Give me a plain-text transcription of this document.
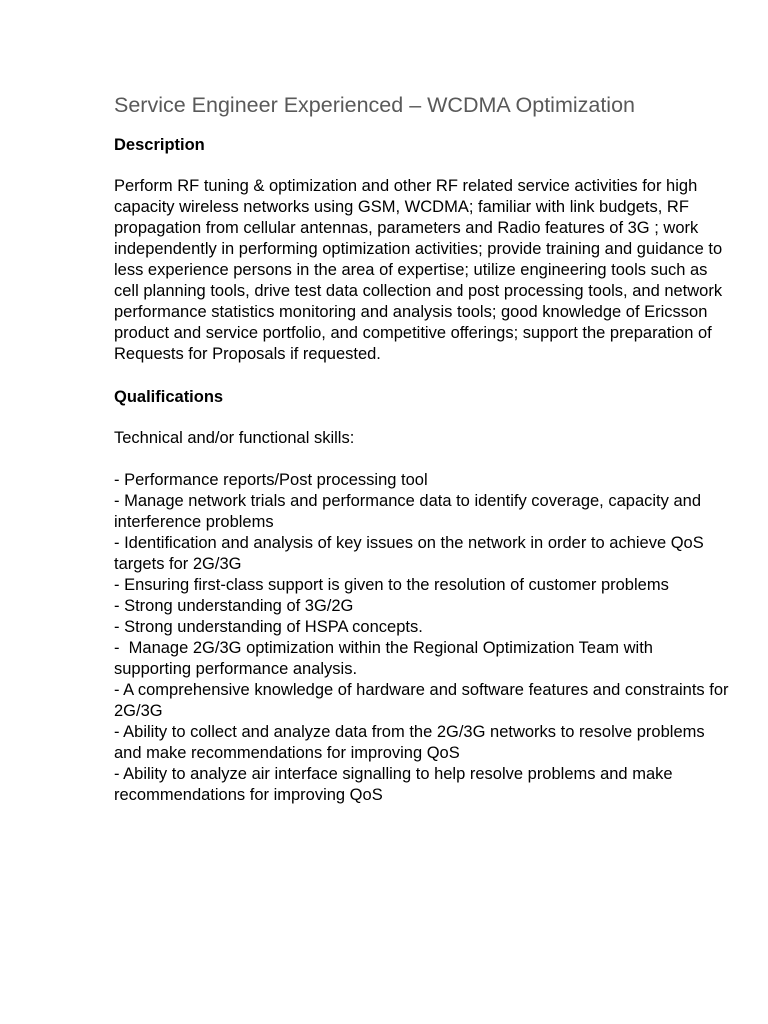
Service Engineer Experienced – WCDMA Optimization
Description

Perform RF tuning & optimization and other RF related service activities for high capacity wireless networks using GSM, WCDMA; familiar with link budgets, RF propagation from cellular antennas, parameters and Radio features of 3G ; work independently in performing optimization activities; provide training and guidance to less experience persons in the area of expertise; utilize engineering tools such as cell planning tools, drive test data collection and post processing tools, and network performance statistics monitoring and analysis tools; good knowledge of Ericsson product and service portfolio, and competitive offerings; support the preparation of Requests for Proposals if requested.

Qualifications

Technical and/or functional skills:

- Performance reports/Post processing tool
- Manage network trials and performance data to identify coverage, capacity and interference problems
- Identification and analysis of key issues on the network in order to achieve QoS targets for 2G/3G
- Ensuring first-class support is given to the resolution of customer problems
- Strong understanding of 3G/2G
- Strong understanding of HSPA concepts.
-  Manage 2G/3G optimization within the Regional Optimization Team with supporting performance analysis.
- A comprehensive knowledge of hardware and software features and constraints for 2G/3G
- Ability to collect and analyze data from the 2G/3G networks to resolve problems and make recommendations for improving QoS
- Ability to analyze air interface signalling to help resolve problems and make recommendations for improving QoS
